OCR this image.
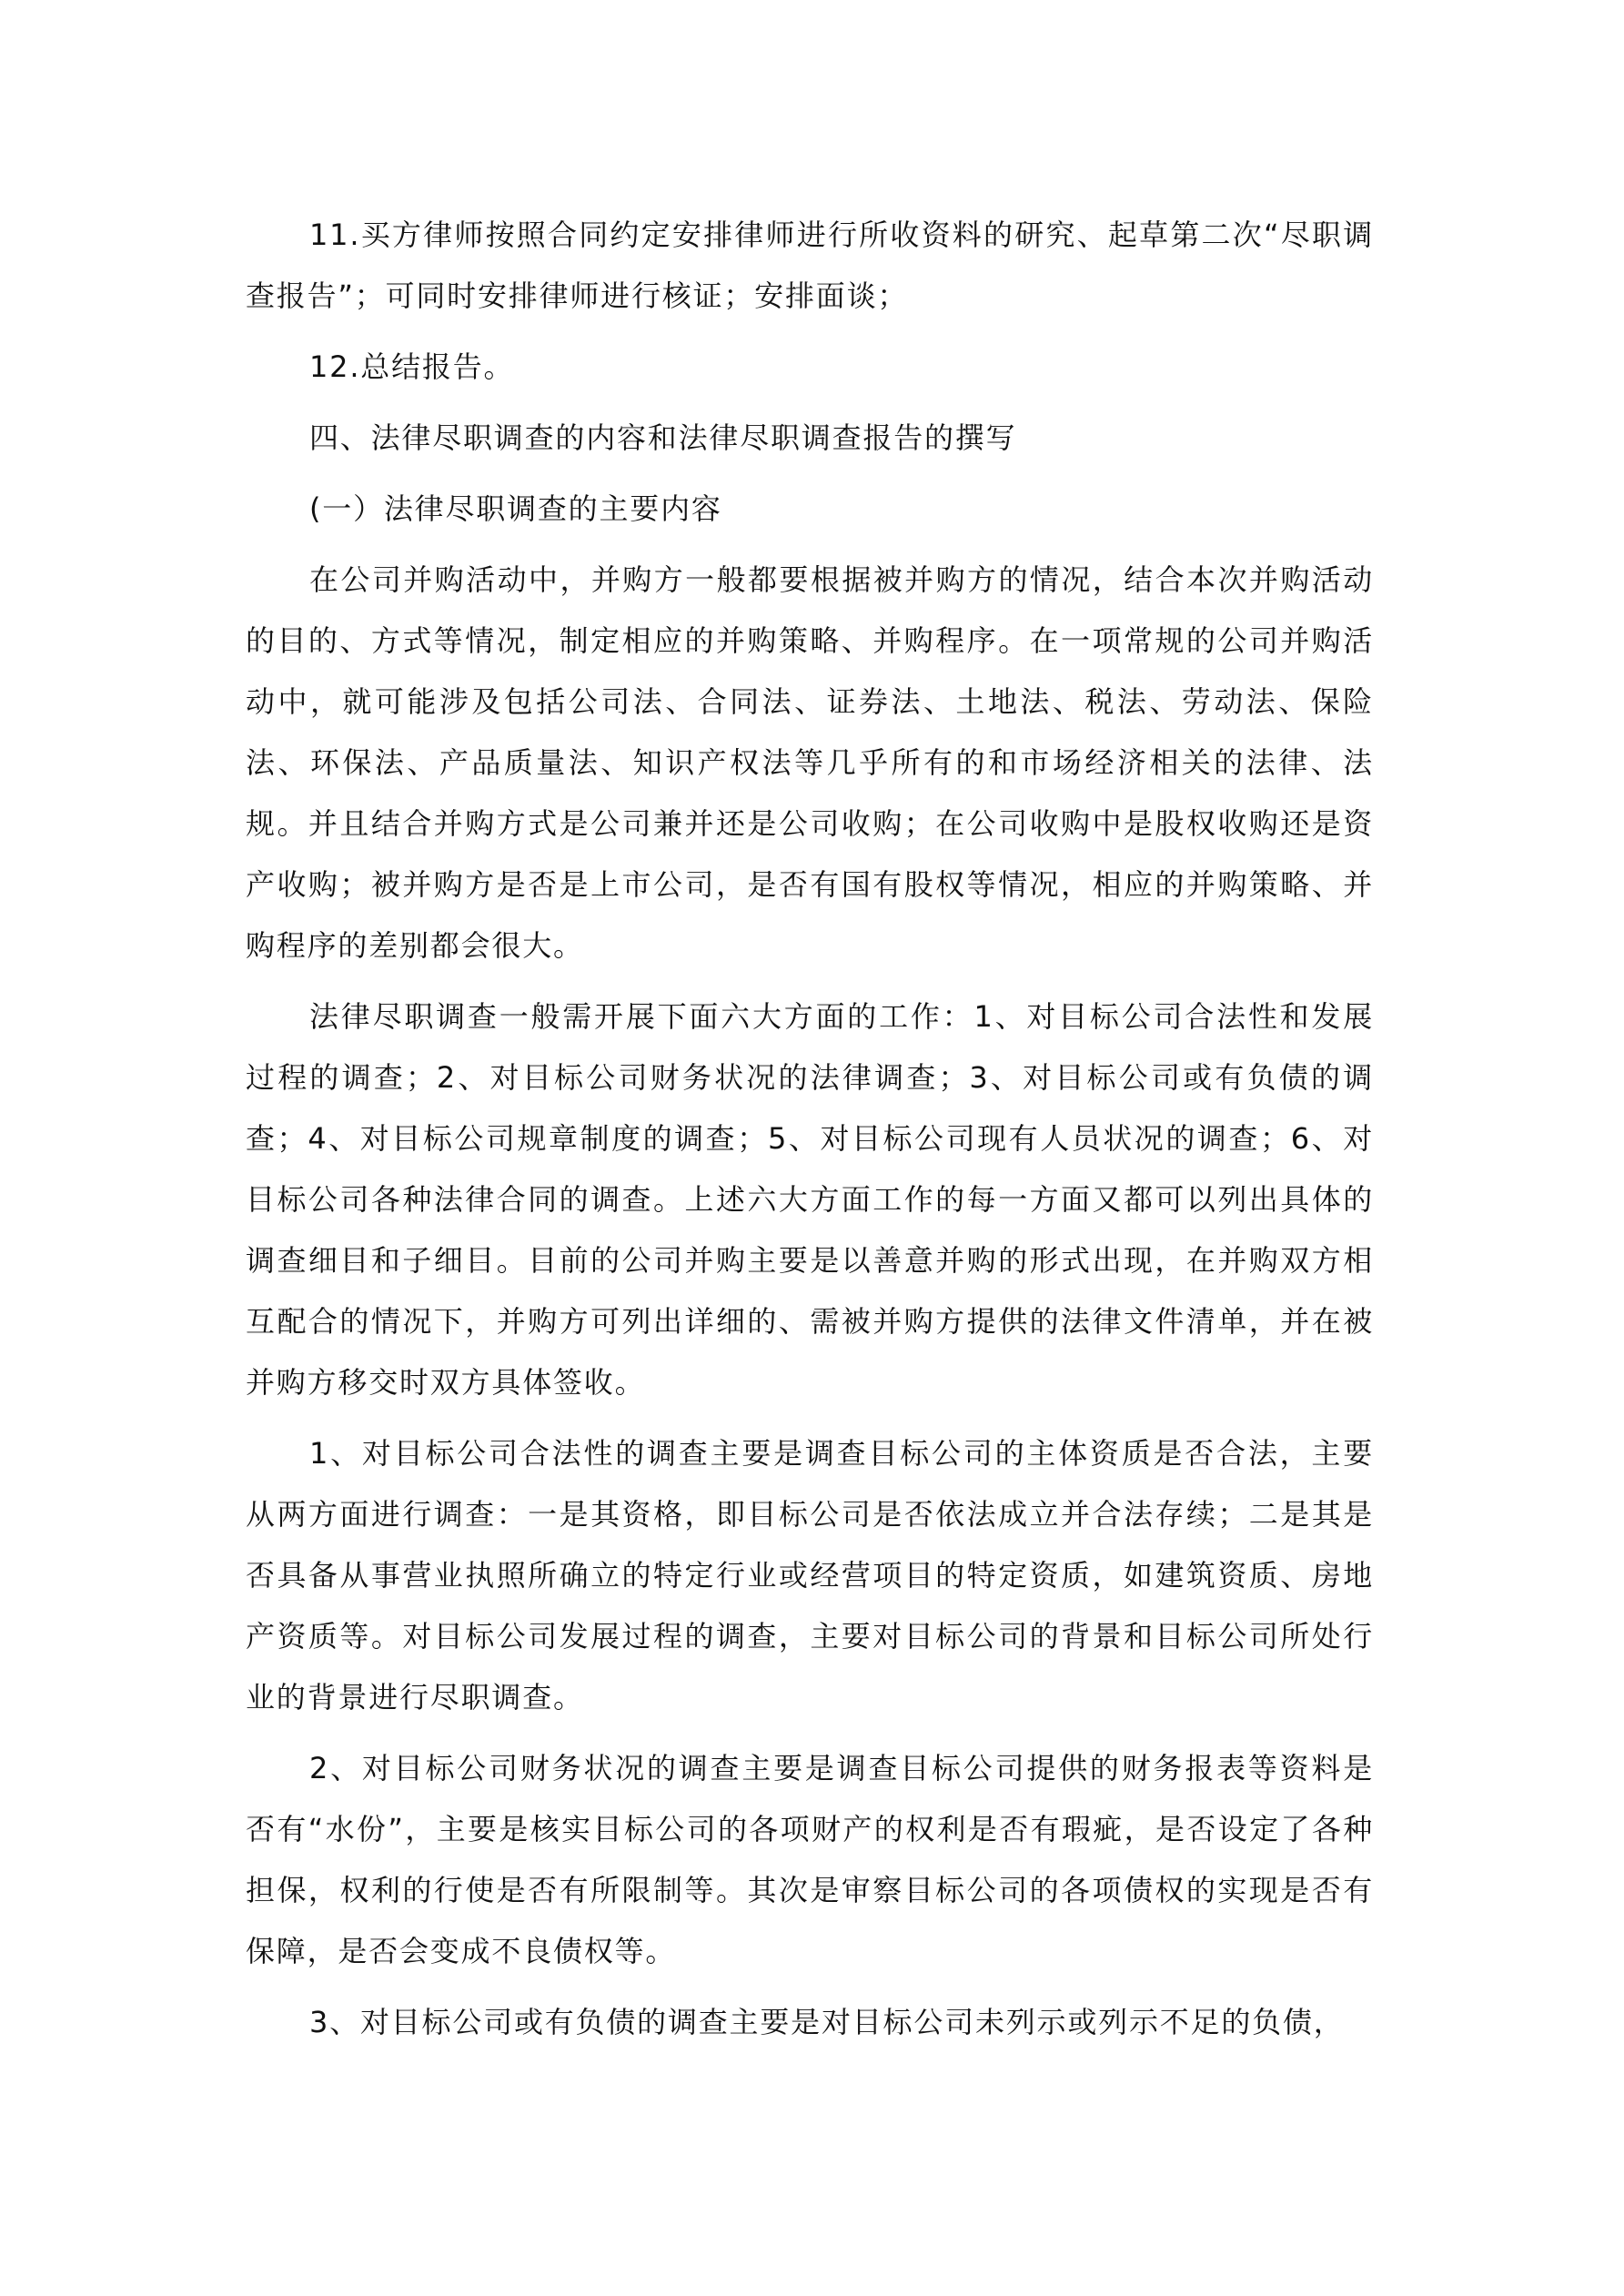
11.买方律师按照合同约定安排律师进行所收资料的研究、起草第二次“尽职调查报告”；可同时安排律师进行核证；安排面谈；

12.总结报告。

四、法律尽职调查的内容和法律尽职调查报告的撰写

(一）法律尽职调查的主要内容

在公司并购活动中，并购方一般都要根据被并购方的情况，结合本次并购活动的目的、方式等情况，制定相应的并购策略、并购程序。在一项常规的公司并购活动中，就可能涉及包括公司法、合同法、证券法、土地法、税法、劳动法、保险法、环保法、产品质量法、知识产权法等几乎所有的和市场经济相关的法律、法规。并且结合并购方式是公司兼并还是公司收购；在公司收购中是股权收购还是资产收购；被并购方是否是上市公司，是否有国有股权等情况，相应的并购策略、并购程序的差别都会很大。

法律尽职调查一般需开展下面六大方面的工作：1、对目标公司合法性和发展过程的调查；2、对目标公司财务状况的法律调查；3、对目标公司或有负债的调查；4、对目标公司规章制度的调查；5、对目标公司现有人员状况的调查；6、对目标公司各种法律合同的调查。上述六大方面工作的每一方面又都可以列出具体的调查细目和子细目。目前的公司并购主要是以善意并购的形式出现，在并购双方相互配合的情况下，并购方可列出详细的、需被并购方提供的法律文件清单，并在被并购方移交时双方具体签收。

1、对目标公司合法性的调查主要是调查目标公司的主体资质是否合法，主要从两方面进行调查：一是其资格，即目标公司是否依法成立并合法存续；二是其是否具备从事营业执照所确立的特定行业或经营项目的特定资质，如建筑资质、房地产资质等。对目标公司发展过程的调查，主要对目标公司的背景和目标公司所处行业的背景进行尽职调查。

2、对目标公司财务状况的调查主要是调查目标公司提供的财务报表等资料是否有“水份”，主要是核实目标公司的各项财产的权利是否有瑕疵，是否设定了各种担保，权利的行使是否有所限制等。其次是审察目标公司的各项债权的实现是否有保障，是否会变成不良债权等。

3、对目标公司或有负债的调查主要是对目标公司未列示或列示不足的负债，
